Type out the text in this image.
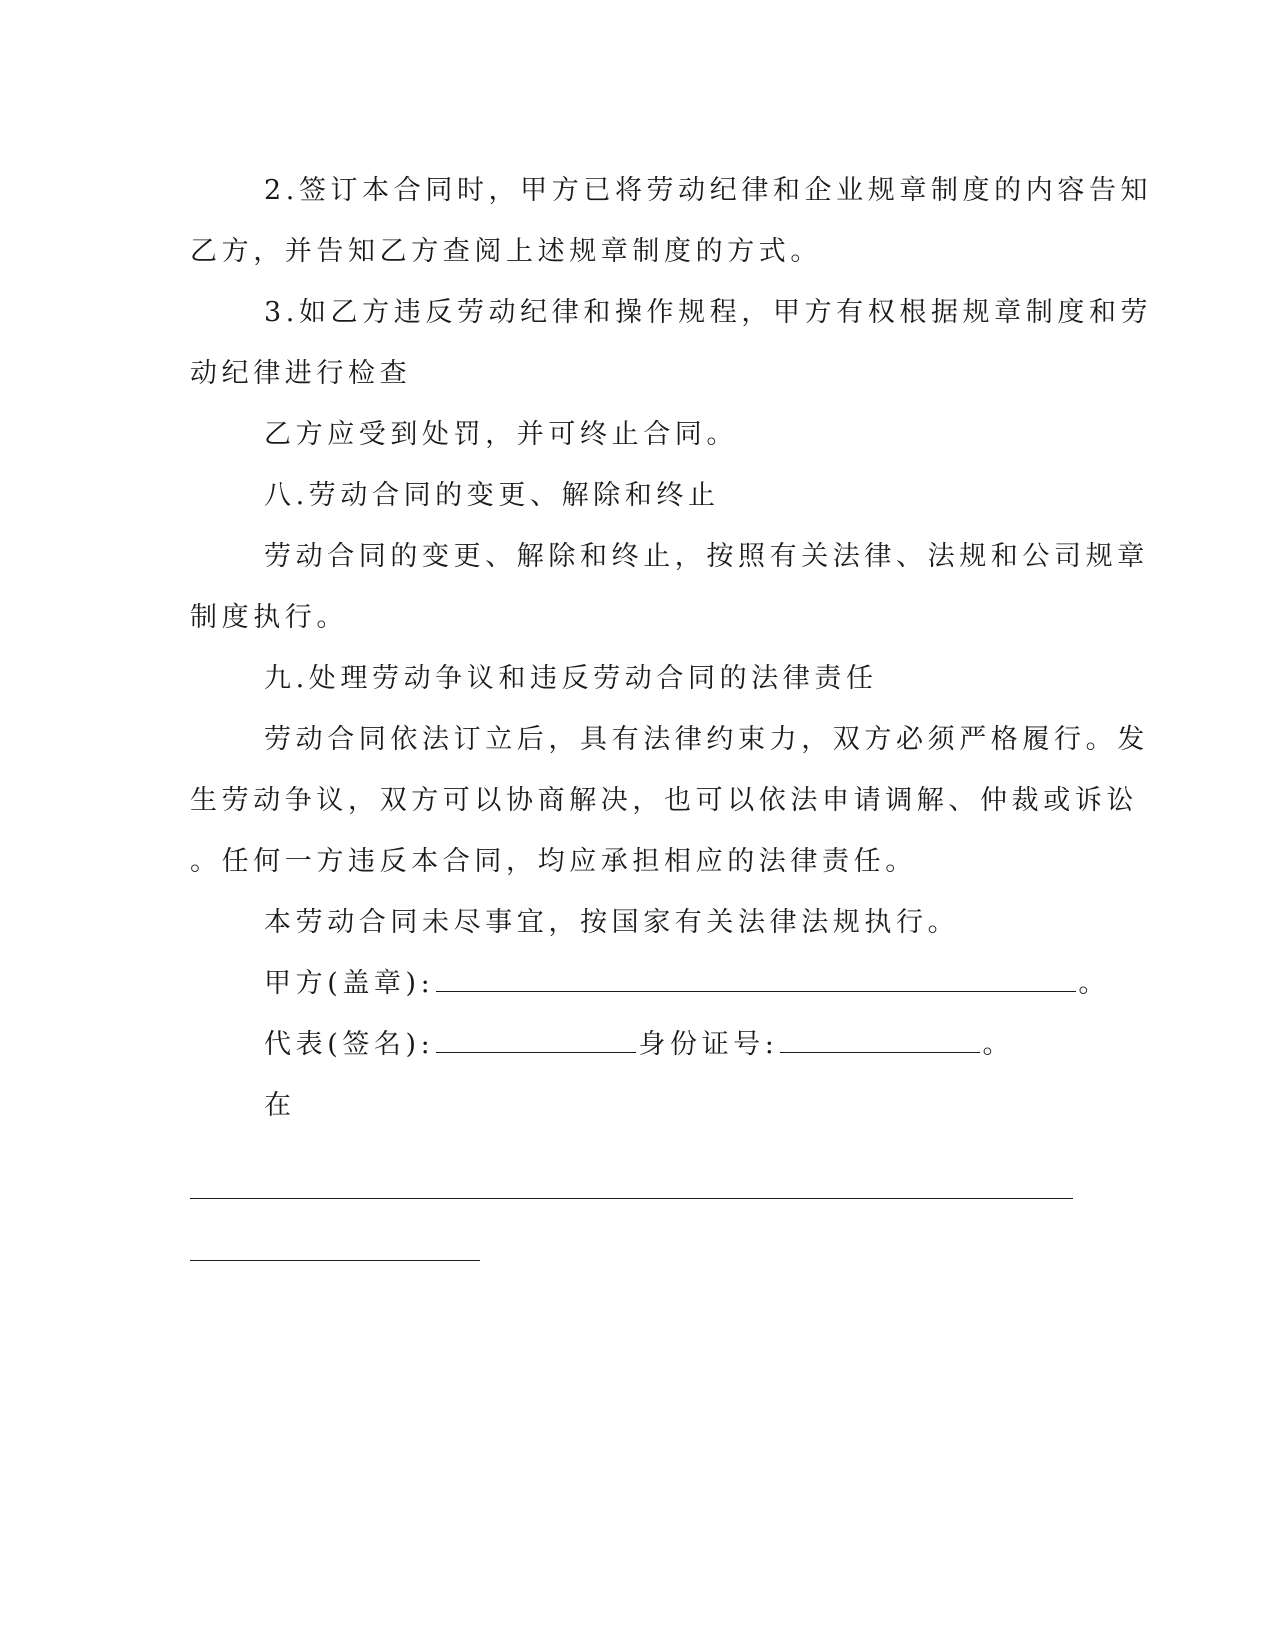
2.签订本合同时，甲方已将劳动纪律和企业规章制度的内容告知
乙方，并告知乙方查阅上述规章制度的方式。
3.如乙方违反劳动纪律和操作规程，甲方有权根据规章制度和劳
动纪律进行检查
乙方应受到处罚，并可终止合同。
八.劳动合同的变更、解除和终止
劳动合同的变更、解除和终止，按照有关法律、法规和公司规章
制度执行。
九.处理劳动争议和违反劳动合同的法律责任
劳动合同依法订立后，具有法律约束力，双方必须严格履行。发
生劳动争议，双方可以协商解决，也可以依法申请调解、仲裁或诉讼
。任何一方违反本合同，均应承担相应的法律责任。
本劳动合同未尽事宜，按国家有关法律法规执行。
甲方(盖章):	。
代表(签名):	身份证号:	。
在
